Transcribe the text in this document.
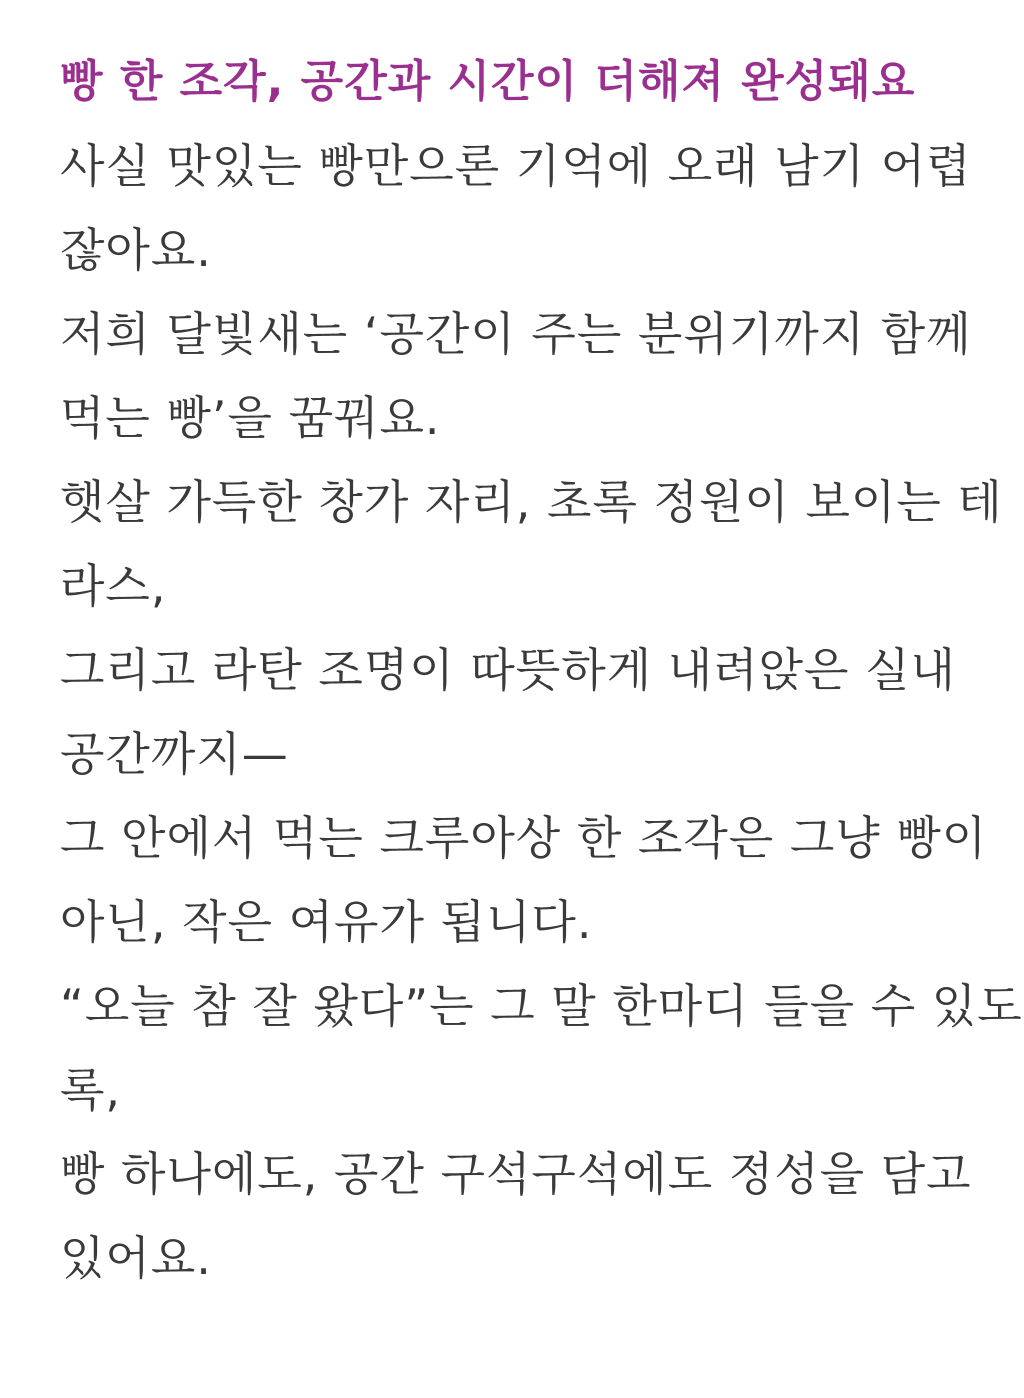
빵 한 조각, 공간과 시간이 더해져 완성돼요

사실 맛있는 빵만으론 기억에 오래 남기 어렵

잖아요.

저희 달빛새는 ‘공간이 주는 분위기까지 함께

먹는 빵’을 꿈꿔요.

햇살 가득한 창가 자리, 초록 정원이 보이는 테

라스,

그리고 라탄 조명이 따뜻하게 내려앉은 실내

공간까지—

그 안에서 먹는 크루아상 한 조각은 그냥 빵이

아닌, 작은 여유가 됩니다.

“오늘 참 잘 왔다”는 그 말 한마디 들을 수 있도

록,

빵 하나에도, 공간 구석구석에도 정성을 담고

있어요.
